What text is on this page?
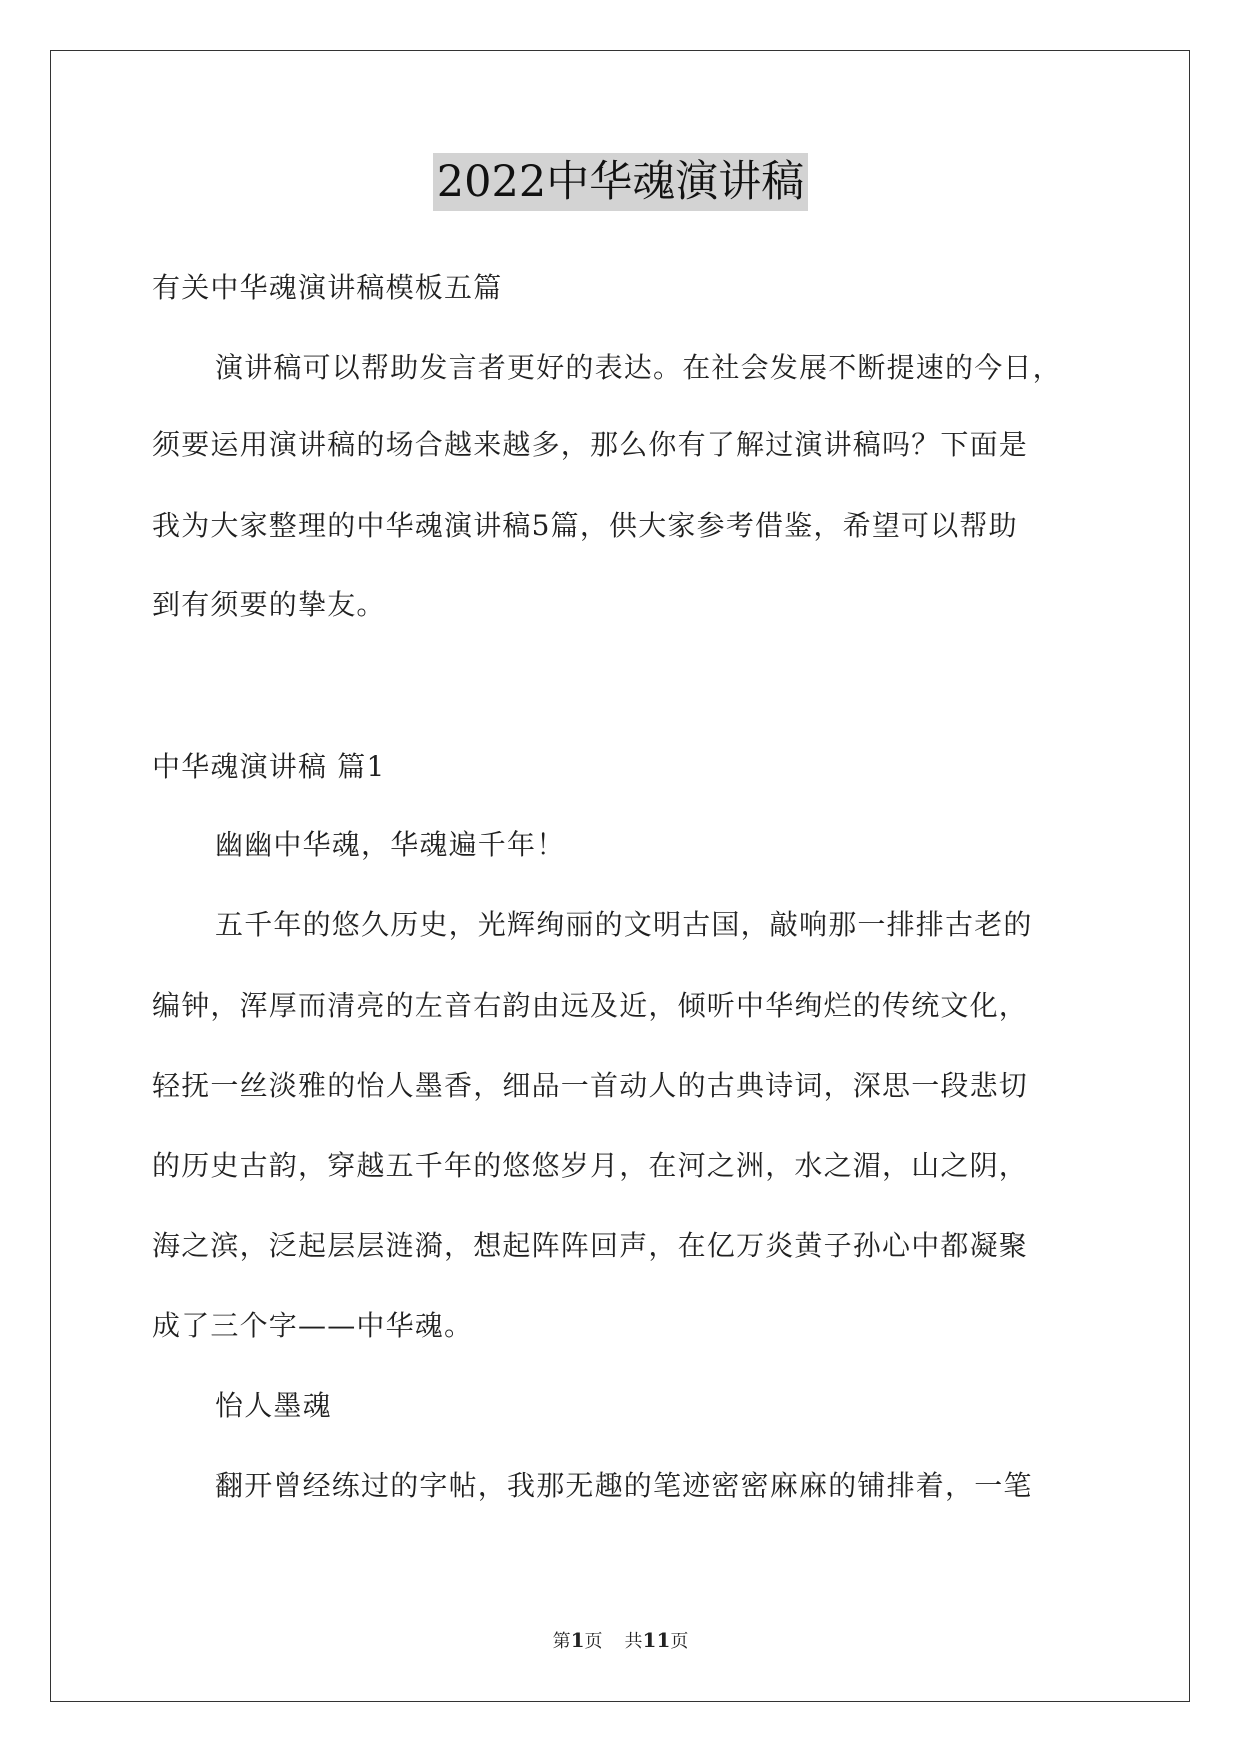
2022中华魂演讲稿
有关中华魂演讲稿模板五篇
演讲稿可以帮助发言者更好的表达。在社会发展不断提速的今日，
须要运用演讲稿的场合越来越多，那么你有了解过演讲稿吗？下面是
我为大家整理的中华魂演讲稿5篇，供大家参考借鉴，希望可以帮助
到有须要的挚友。
中华魂演讲稿 篇1
幽幽中华魂，华魂遍千年！
五千年的悠久历史，光辉绚丽的文明古国，敲响那一排排古老的
编钟，浑厚而清亮的左音右韵由远及近，倾听中华绚烂的传统文化，
轻抚一丝淡雅的怡人墨香，细品一首动人的古典诗词，深思一段悲切
的历史古韵，穿越五千年的悠悠岁月，在河之洲，水之湄，山之阴，
海之滨，泛起层层涟漪，想起阵阵回声，在亿万炎黄子孙心中都凝聚
成了三个字——中华魂。
怡人墨魂
翻开曾经练过的字帖，我那无趣的笔迹密密麻麻的铺排着，一笔
第1页 共11页
